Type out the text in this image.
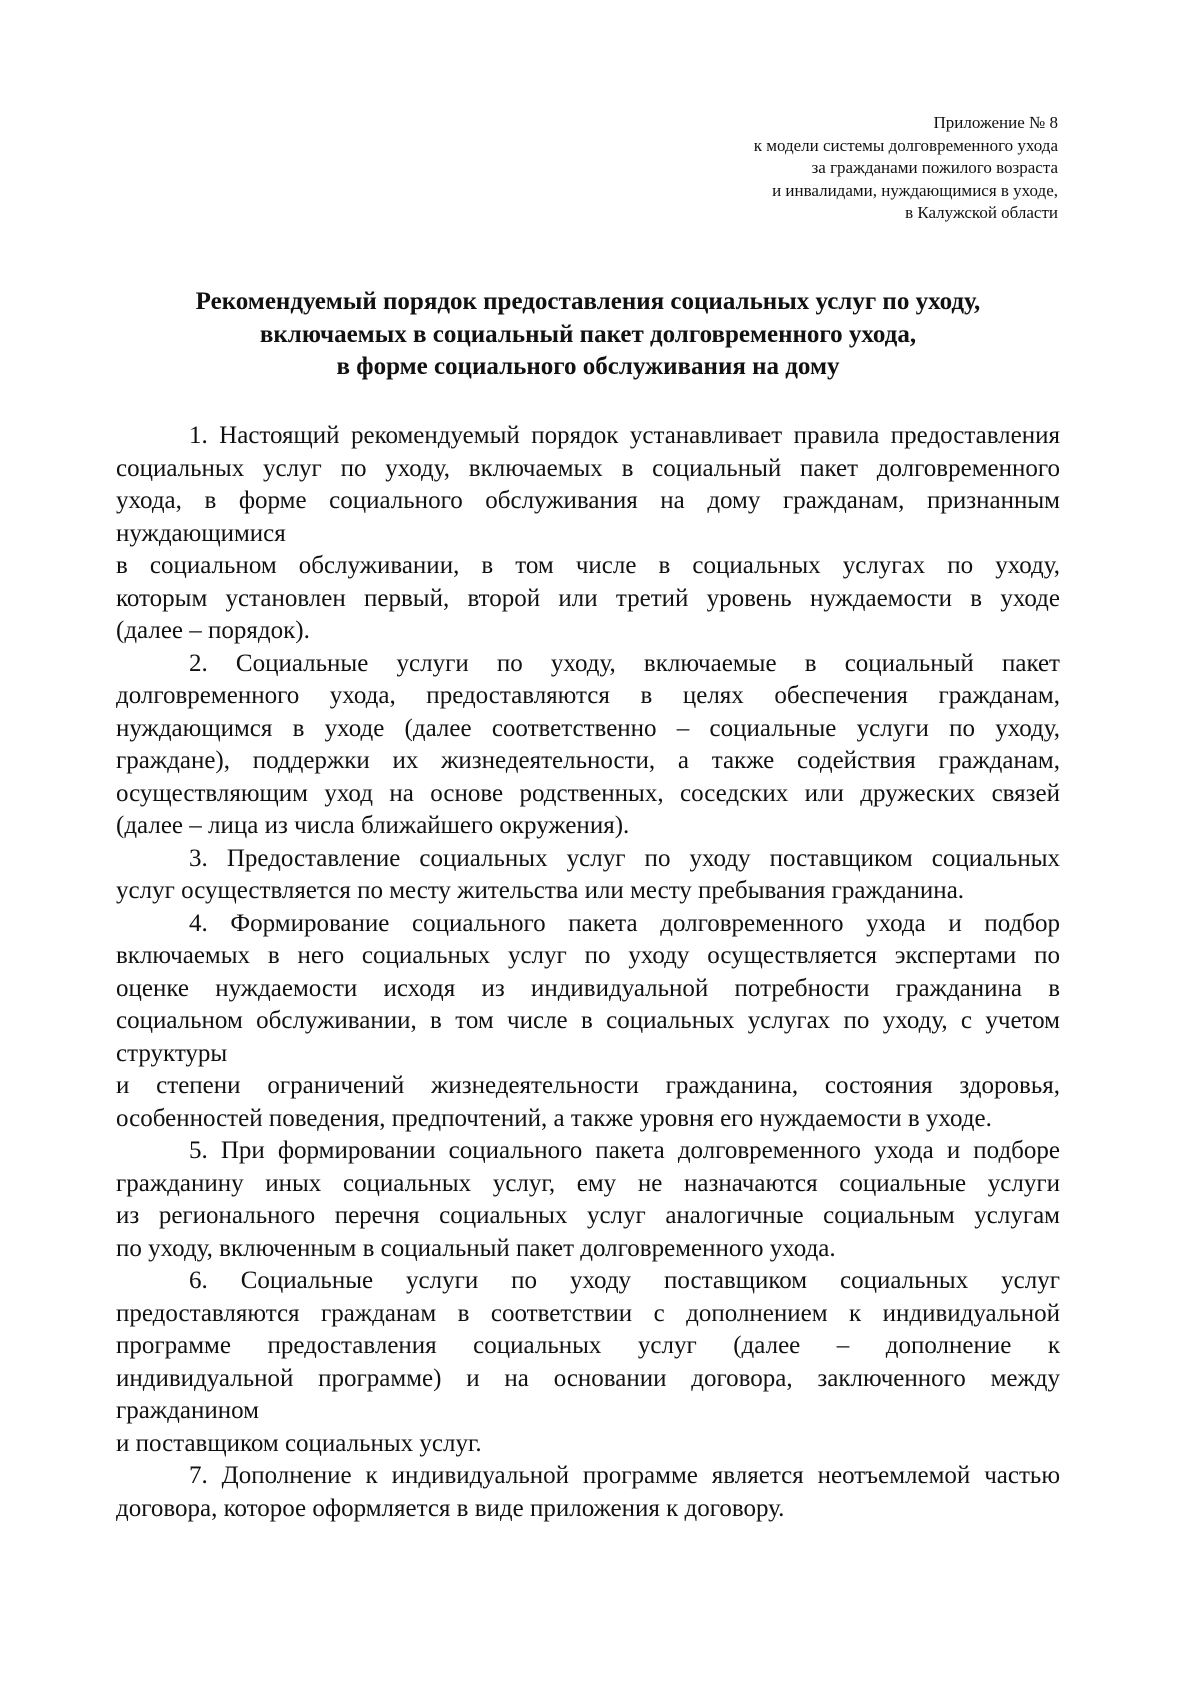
Приложение № 8
к модели системы долговременного ухода
за гражданами пожилого возраста
и инвалидами, нуждающимися в уходе,
в Калужской области
Рекомендуемый порядок предоставления социальных услуг по уходу,
включаемых в социальный пакет долговременного ухода,
в форме социального обслуживания на дому
1. Настоящий рекомендуемый порядок устанавливает правила предоставления
социальных услуг по уходу, включаемых в социальный пакет долговременного
ухода, в форме социального обслуживания на дому гражданам, признанным
нуждающимися
в социальном обслуживании, в том числе в социальных услугах по уходу,
которым установлен первый, второй или третий уровень нуждаемости в уходе
(далее – порядок).
2. Социальные услуги по уходу, включаемые в социальный пакет
долговременного ухода, предоставляются в целях обеспечения гражданам,
нуждающимся в уходе (далее соответственно – социальные услуги по уходу,
граждане), поддержки их жизнедеятельности, а также содействия гражданам,
осуществляющим уход на основе родственных, соседских или дружеских связей
(далее – лица из числа ближайшего окружения).
3. Предоставление социальных услуг по уходу поставщиком социальных
услуг осуществляется по месту жительства или месту пребывания гражданина.
4. Формирование социального пакета долговременного ухода и подбор
включаемых в него социальных услуг по уходу осуществляется экспертами по
оценке нуждаемости исходя из индивидуальной потребности гражданина в
социальном обслуживании, в том числе в социальных услугах по уходу, с учетом
структуры
и степени ограничений жизнедеятельности гражданина, состояния здоровья,
особенностей поведения, предпочтений, а также уровня его нуждаемости в уходе.
5. При формировании социального пакета долговременного ухода и подборе
гражданину иных социальных услуг, ему не назначаются социальные услуги
из регионального перечня социальных услуг аналогичные социальным услугам
по уходу, включенным в социальный пакет долговременного ухода.
6. Социальные услуги по уходу поставщиком социальных услуг
предоставляются гражданам в соответствии с дополнением к индивидуальной
программе предоставления социальных услуг (далее – дополнение к
индивидуальной программе) и на основании договора, заключенного между
гражданином
и поставщиком социальных услуг.
7. Дополнение к индивидуальной программе является неотъемлемой частью
договора, которое оформляется в виде приложения к договору.
